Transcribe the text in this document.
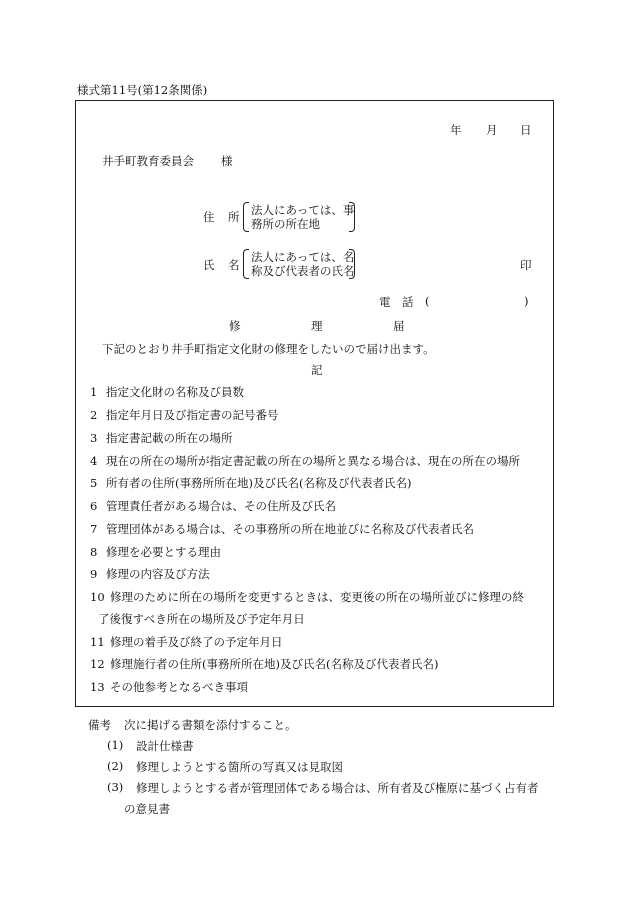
様式第11号(第12条関係)
年 月 日
井手町教育委員会 様
住 所 法人にあっては、事
務所の所在地
氏 名
法人にあっては、名
称及び代表者の氏名	印
電 話 (	)
修	理	届
下記のとおり井手町指定文化財の修理をしたいので届け出ます。
記
1 指定文化財の名称及び員数
2 指定年月日及び指定書の記号番号
3 指定書記載の所在の場所
4 現在の所在の場所が指定書記載の所在の場所と異なる場合は、現在の所在の場所
5 所有者の住所(事務所所在地)及び氏名(名称及び代表者氏名)
6 管理責任者がある場合は、その住所及び氏名
7 管理団体がある場合は、その事務所の所在地並びに名称及び代表者氏名
8 修理を必要とする理由
9 修理の内容及び方法
10 修理のために所在の場所を変更するときは、変更後の所在の場所並びに修理の終
了後復すべき所在の場所及び予定年月日
11 修理の着手及び終了の予定年月日
12 修理施行者の住所(事務所所在地)及び氏名(名称及び代表者氏名)
13 その他参考となるべき事項
備考 次に掲げる書類を添付すること。
(1) 設計仕様書
(2) 修理しようとする箇所の写真又は見取図
(3) 修理しようとする者が管理団体である場合は、所有者及び権原に基づく占有者
の意見書
